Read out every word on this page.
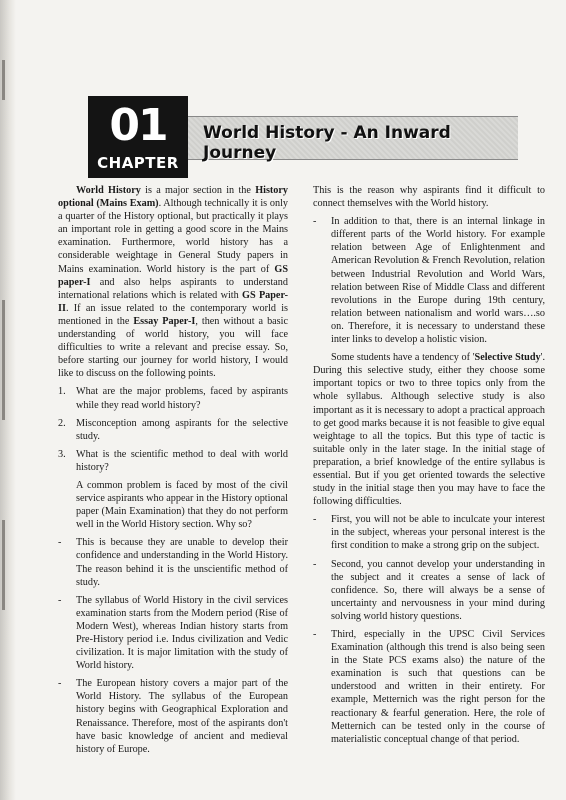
01
CHAPTER
World History - An Inward Journey

World History is a major section in the History optional (Mains Exam). Although technically it is only a quarter of the History optional, but practically it plays an important role in getting a good score in the Mains examination. Furthermore, world history has a considerable weightage in General Study papers in Mains examination. World history is the part of GS paper-I and also helps aspirants to understand international relations which is related with GS Paper-II. If an issue related to the contemporary world is mentioned in the Essay Paper-I, then without a basic understanding of world history, you will face difficulties to write a relevant and precise essay. So, before starting our journey for world history, I would like to discuss on the following points.

1. What are the major problems, faced by aspirants while they read world history?
2. Misconception among aspirants for the selective study.
3. What is the scientific method to deal with world history?

A common problem is faced by most of the civil service aspirants who appear in the History optional paper (Main Examination) that they do not perform well in the World History section. Why so?

- This is because they are unable to develop their confidence and understanding in the World History. The reason behind it is the unscientific method of study.
- The syllabus of World History in the civil services examination starts from the Modern period (Rise of Modern West), whereas Indian history starts from Pre-History period i.e. Indus civilization and Vedic civilization. It is major limitation with the study of World history.
- The European history covers a major part of the World History. The syllabus of the European history begins with Geographical Exploration and Renaissance. Therefore, most of the aspirants don't have basic knowledge of ancient and medieval history of Europe.

This is the reason why aspirants find it difficult to connect themselves with the World history.

- In addition to that, there is an internal linkage in different parts of the World history. For example relation between Age of Enlightenment and American Revolution & French Revolution, relation between Industrial Revolution and World Wars, relation between Rise of Middle Class and different revolutions in the Europe during 19th century, relation between nationalism and world wars….so on. Therefore, it is necessary to understand these inter links to develop a holistic vision.

Some students have a tendency of 'Selective Study'. During this selective study, either they choose some important topics or two to three topics only from the whole syllabus. Although selective study is also important as it is necessary to adopt a practical approach to get good marks because it is not feasible to give equal weightage to all the topics. But this type of tactic is suitable only in the later stage. In the initial stage of preparation, a brief knowledge of the entire syllabus is essential. But if you get oriented towards the selective study in the initial stage then you may have to face the following difficulties.

- First, you will not be able to inculcate your interest in the subject, whereas your personal interest is the first condition to make a strong grip on the subject.
- Second, you cannot develop your understanding in the subject and it creates a sense of lack of confidence. So, there will always be a sense of uncertainty and nervousness in your mind during solving world history questions.
- Third, especially in the UPSC Civil Services Examination (although this trend is also being seen in the State PCS exams also) the nature of the examination is such that questions can be understood and written in their entirety. For example, Metternich was the right person for the reactionary & fearful generation. Here, the role of Metternich can be tested only in the course of materialistic conceptual change of that period.
